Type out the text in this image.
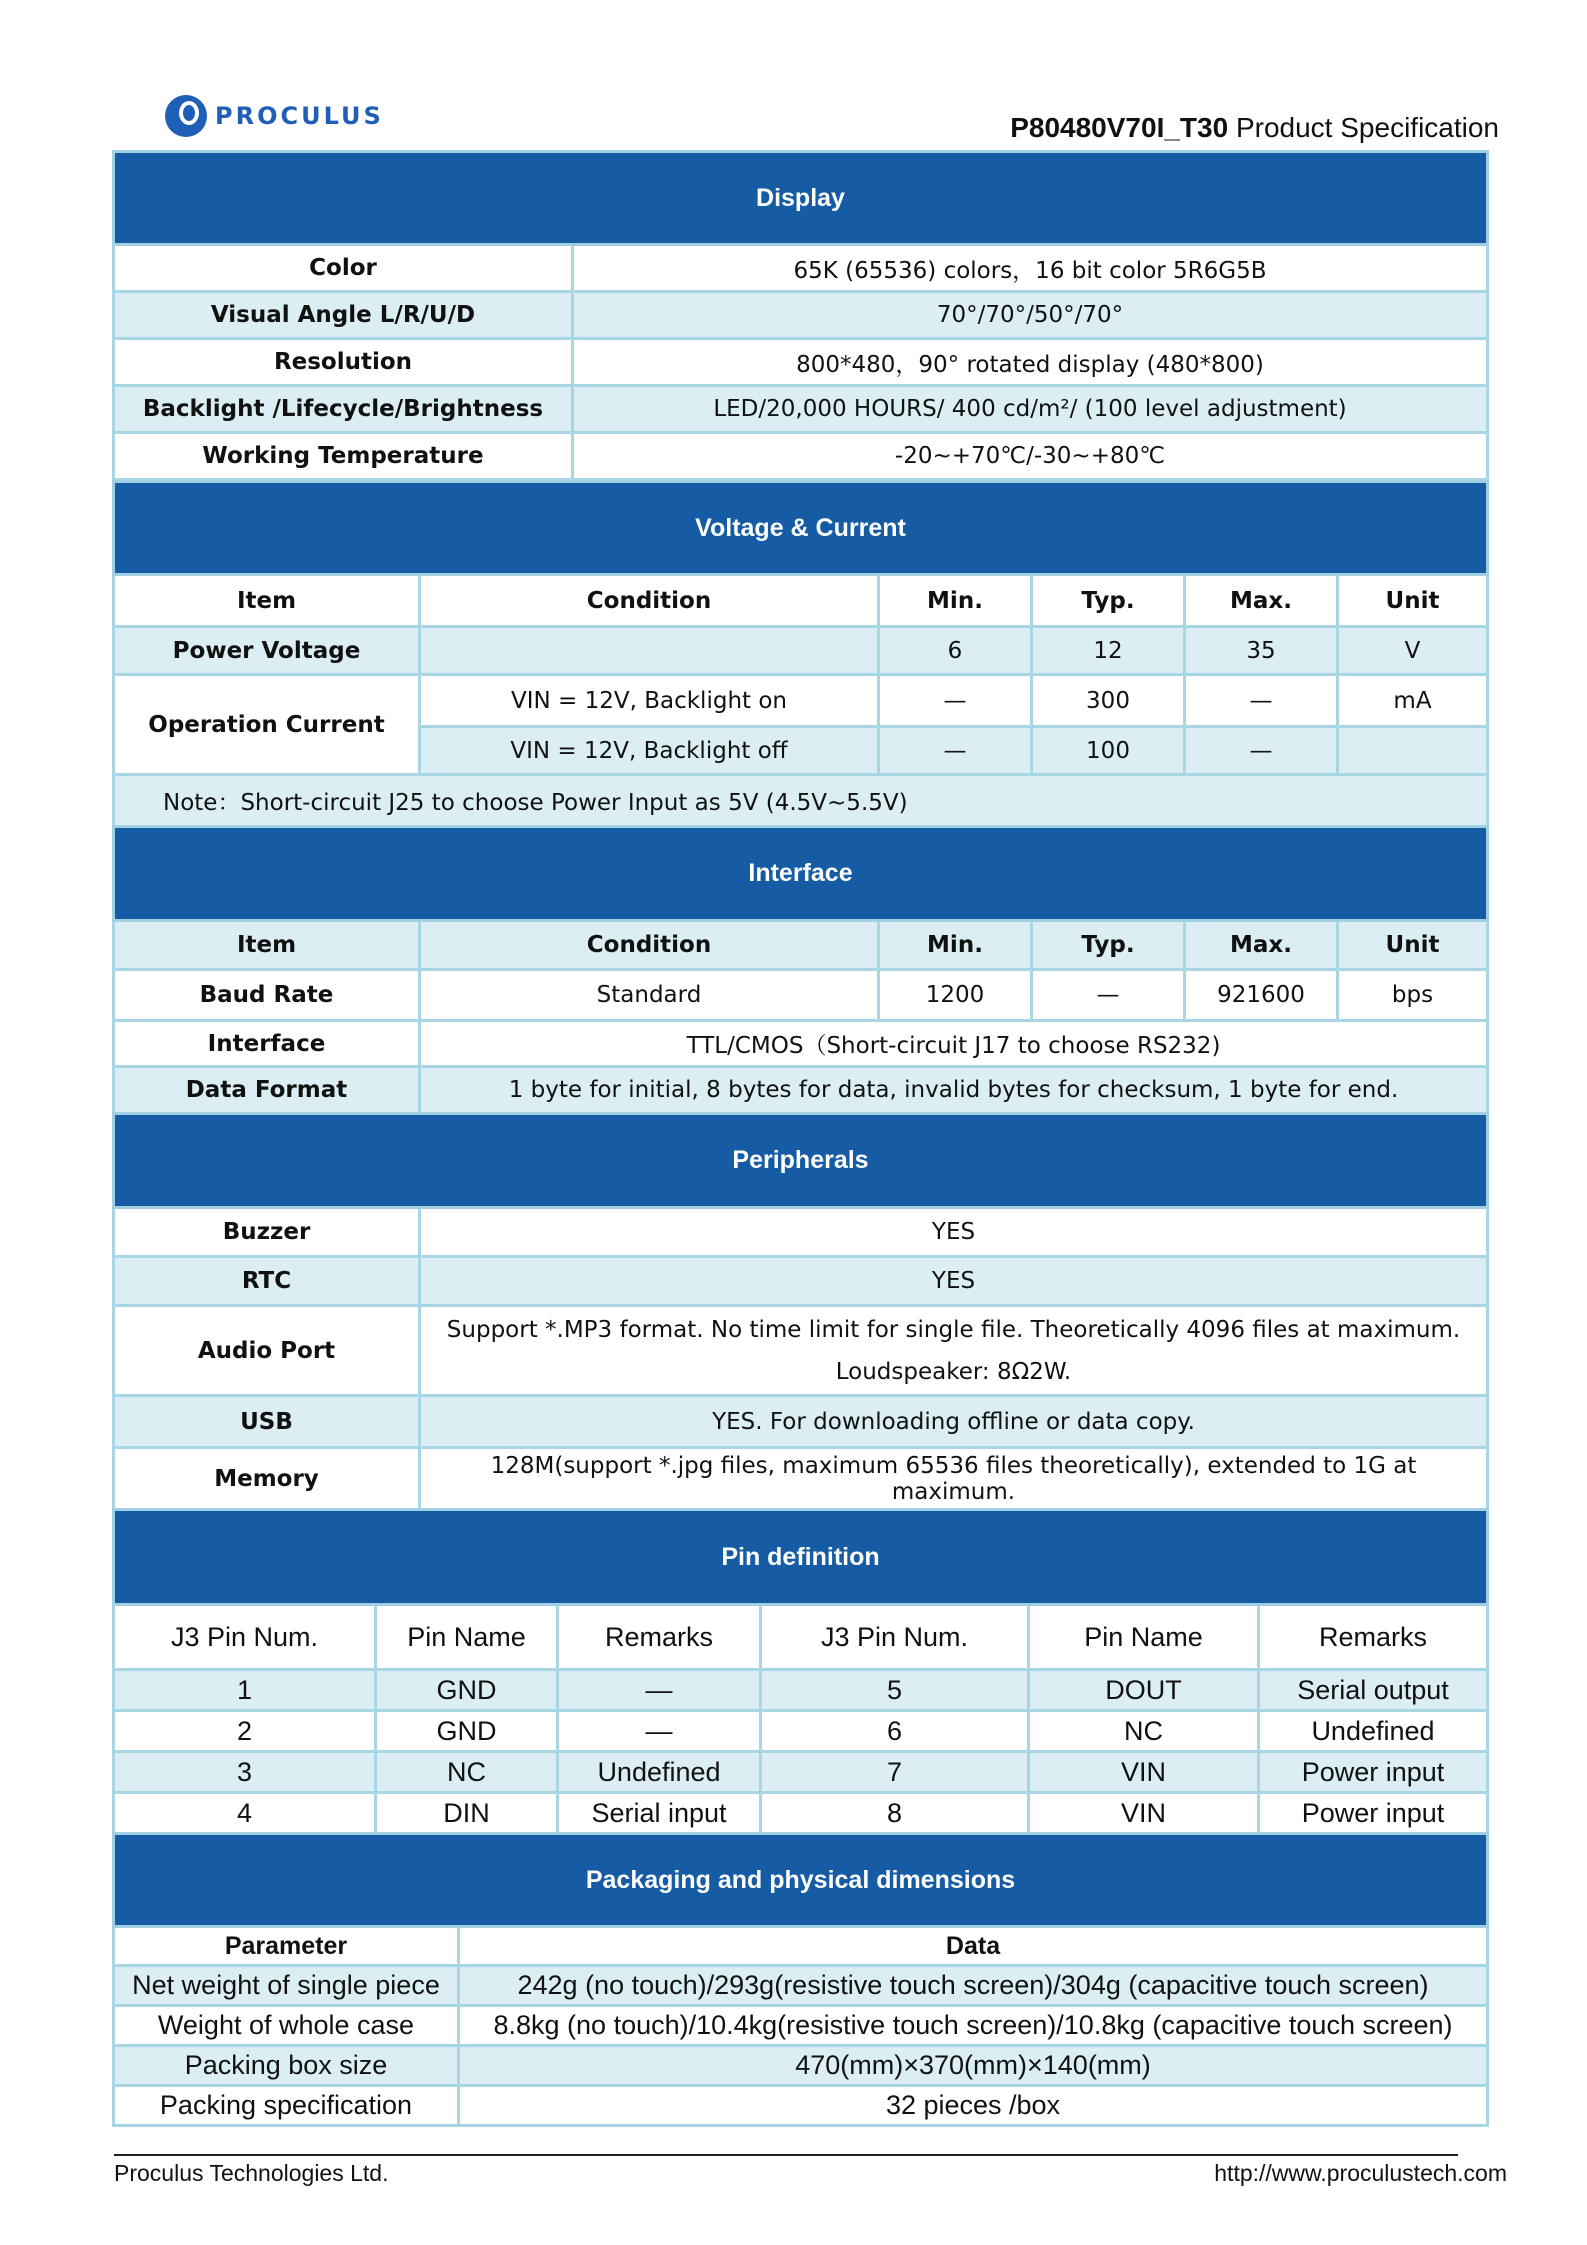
PROCULUS	P80480V70I_T30 Product Specification
Display	
Color	65K (65536) colors，16 bit color 5R6G5B
Visual Angle L/R/U/D	70°/70°/50°/70°
Resolution	800*480，90° rotated display (480*800)
Backlight /Lifecycle/Brightness	LED/20,000 HOURS/ 400 cd/m²/ (100 level adjustment)
Working Temperature	-20~+70℃/-30~+80℃
Voltage & Current					
Item	Condition	Min.	Typ.	Max.	Unit
Power Voltage		6	12	35	V
Operation Current	VIN = 12V, Backlight on	—	300	—	mA
	VIN = 12V, Backlight off	—	100	—	
Note：Short-circuit J25 to choose Power Input as 5V (4.5V~5.5V)					
Interface					
Item	Condition	Min.	Typ.	Max.	Unit
Baud Rate	Standard	1200	—	921600	bps
Interface	TTL/CMOS（Short-circuit J17 to choose RS232)				
Data Format	1 byte for initial, 8 bytes for data, invalid bytes for checksum, 1 byte for end.				
Peripherals	
Buzzer	YES
RTC	YES
Audio Port	Support *.MP3 format. No time limit for single file. Theoretically 4096 files at maximum.
Loudspeaker: 8Ω2W.

USB	YES. For downloading offline or data copy.
Memory	128M(support *.jpg files, maximum 65536 files theoretically), extended to 1G at maximum.
Pin definition					
J3 Pin Num.	Pin Name	Remarks	J3 Pin Num.	Pin Name	Remarks
1	GND	—	5	DOUT	Serial output
2	GND	—	6	NC	Undefined
3	NC	Undefined	7	VIN	Power input
4	DIN	Serial input	8	VIN	Power input
Packaging and physical dimensions	
Parameter	Data
Net weight of single piece	242g (no touch)/293g(resistive touch screen)/304g (capacitive touch screen)
Weight of whole case	8.8kg (no touch)/10.4kg(resistive touch screen)/10.8kg (capacitive touch screen)
Packing box size	470(mm)×370(mm)×140(mm)
Packing specification	32 pieces /box
Proculus Technologies Ltd.	http://www.proculustech.com
